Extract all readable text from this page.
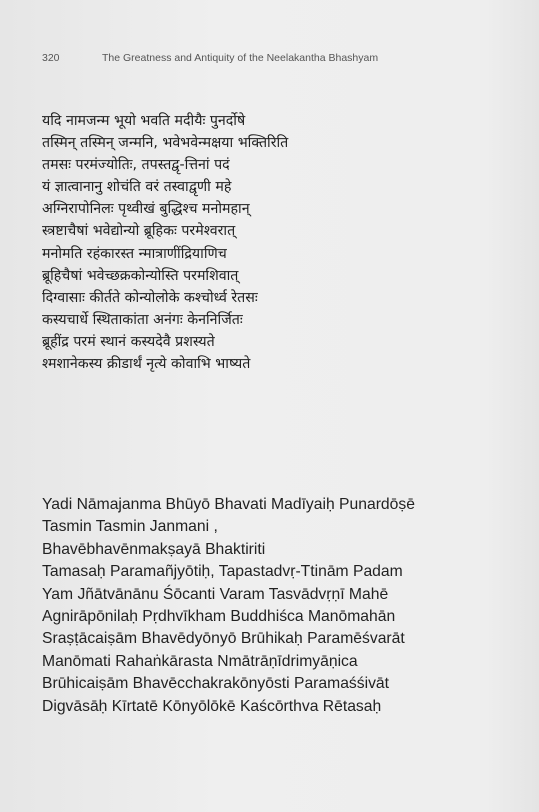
320	The Greatness and Antiquity of the Neelakantha Bhashyam
यदि नामजन्म भूयो भवति मदीयैः पुनर्दोषे
तस्मिन् तस्मिन् जन्मनि, भवेभवेन्मक्षया भक्तिरिति
तमसः परमंज्योतिः, तपस्तद्वृ-त्तिनां पदं
यं ज्ञात्वानानु शोचंति वरं तस्वाद्वृणी महे
अग्निरापोनिलः पृथ्वीखं बुद्धिश्च मनोमहान्
स्त्रष्टाचैषां भवेद्योन्यो ब्रूहिकः परमेश्वरात्
मनोमति रहंकारस्त न्मात्राणींद्रियाणिच
ब्रूहिचैषां भवेच्छक्रकोन्योस्ति परमशिवात्
दिग्वासाः कीर्तते कोन्योलोके कश्चोर्ध्व रेतसः
कस्यचार्धे स्थिताकांता अनंगः केननिर्जितः
ब्रूहींद्र परमं स्थानं कस्यदेवै प्रशस्यते
श्मशानेकस्य क्रीडार्थं नृत्ये कोवाभि भाष्यते
Yadi Nāmajanma Bhūyō Bhavati Madīyaiḥ Punardōṣē
Tasmin Tasmin Janmani ,
Bhavēbhavēnmakṣayā Bhaktiriti
Tamasaḥ Paramañjyōtiḥ, Tapastadvṛ-Ttinām Padam
Yam Jñātvānānu Śōcanti Varam Tasvādvṛṇī Mahē
Agnirāpōnilaḥ Pṛdhvīkham Buddhiśca Manōmahān
Sraṣṭācaiṣām Bhavēdyōnyō Brūhikaḥ Paramēśvarāt
Manōmati Rahaṅkārasta Nmātrāṇīdrimyāṇica
Brūhicaiṣām Bhavēcchakrakōnyōsti Paramaśśivāt
Digvāsāḥ Kīrtatē Kōnyōlōkē Kaścōrthva Rētasaḥ
